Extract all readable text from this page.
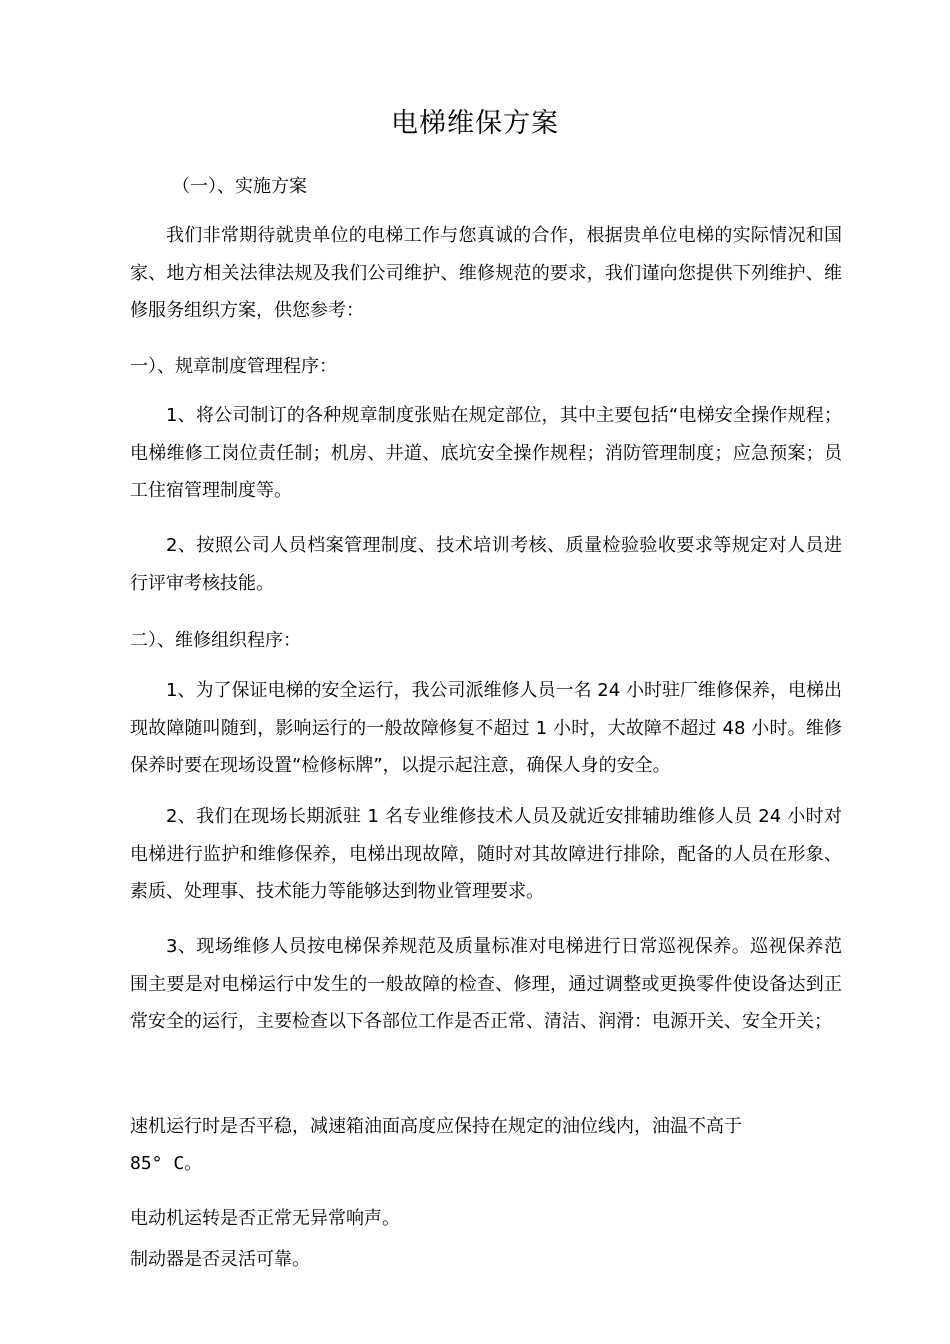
电梯维保方案
（一）、实施方案
我们非常期待就贵单位的电梯工作与您真诚的合作，根据贵单位电梯的实际情况和国家、地方相关法律法规及我们公司维护、维修规范的要求，我们谨向您提供下列维护、维修服务组织方案，供您参考：
一）、规章制度管理程序：
1、将公司制订的各种规章制度张贴在规定部位，其中主要包括“电梯安全操作规程；电梯维修工岗位责任制；机房、井道、底坑安全操作规程；消防管理制度；应急预案；员工住宿管理制度等。
2、按照公司人员档案管理制度、技术培训考核、质量检验验收要求等规定对人员进行评审考核技能。
二）、维修组织程序：
1、为了保证电梯的安全运行，我公司派维修人员一名 24 小时驻厂维修保养，电梯出现故障随叫随到，影响运行的一般故障修复不超过 1 小时，大故障不超过 48 小时。维修保养时要在现场设置“检修标牌”，以提示起注意，确保人身的安全。
2、我们在现场长期派驻 1 名专业维修技术人员及就近安排辅助维修人员 24 小时对电梯进行监护和维修保养，电梯出现故障，随时对其故障进行排除，配备的人员在形象、素质、处理事、技术能力等能够达到物业管理要求。
3、现场维修人员按电梯保养规范及质量标准对电梯进行日常巡视保养。巡视保养范围主要是对电梯运行中发生的一般故障的检查、修理，通过调整或更换零件使设备达到正常安全的运行，主要检查以下各部位工作是否正常、清洁、润滑：电源开关、安全开关；
速机运行时是否平稳，减速箱油面高度应保持在规定的油位线内，油温不高于
85° C。
电动机运转是否正常无异常响声。
制动器是否灵活可靠。
